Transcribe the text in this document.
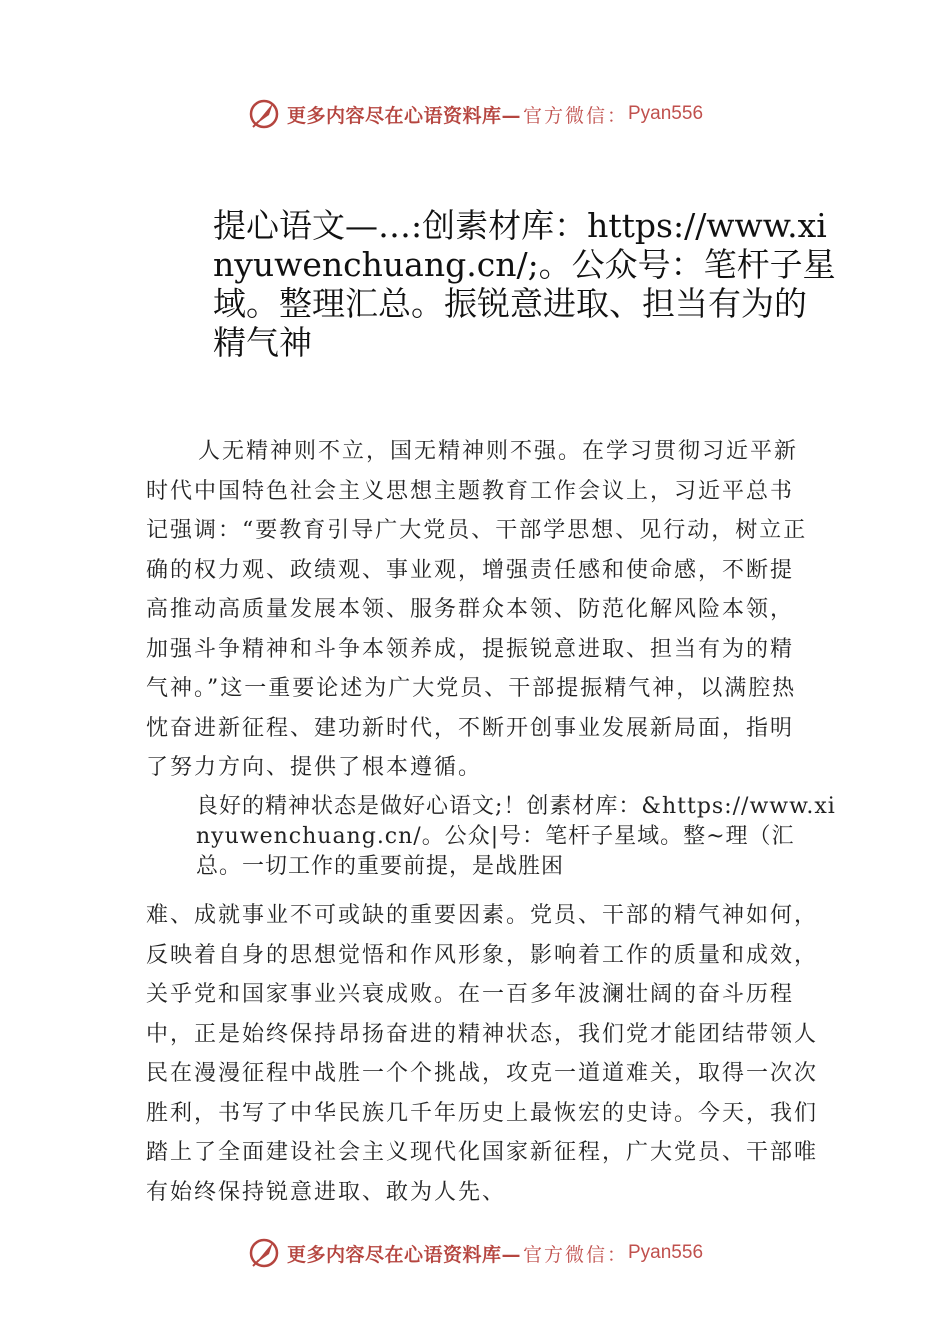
更多内容尽在心语资料库— 官方微信： Pyan556
提心语文—…:创素材库：https://www.xinyuwenchuang.cn/;。公众号：笔杆子星域。整理汇总。振锐意进取、担当有为的精气神

人无精神则不立，国无精神则不强。在学习贯彻习近平新时代中国特色社会主义思想主题教育工作会议上，习近平总书记强调：“要教育引导广大党员、干部学思想、见行动，树立正确的权力观、政绩观、事业观，增强责任感和使命感，不断提高推动高质量发展本领、服务群众本领、防范化解风险本领，加强斗争精神和斗争本领养成，提振锐意进取、担当有为的精气神。”这一重要论述为广大党员、干部提振精气神，以满腔热忱奋进新征程、建功新时代，不断开创事业发展新局面，指明了努力方向、提供了根本遵循。

良好的精神状态是做好心语文;！创素材库：&https://www.xinyuwenchuang.cn/。公众|号：笔杆子星域。整~理（汇总。一切工作的重要前提，是战胜困

难、成就事业不可或缺的重要因素。党员、干部的精气神如何，反映着自身的思想觉悟和作风形象，影响着工作的质量和成效，关乎党和国家事业兴衰成败。在一百多年波澜壮阔的奋斗历程中，正是始终保持昂扬奋进的精神状态，我们党才能团结带领人民在漫漫征程中战胜一个个挑战，攻克一道道难关，取得一次次胜利，书写了中华民族几千年历史上最恢宏的史诗。今天，我们踏上了全面建设社会主义现代化国家新征程，广大党员、干部唯有始终保持锐意进取、敢为人先、

更多内容尽在心语资料库— 官方微信： Pyan556
